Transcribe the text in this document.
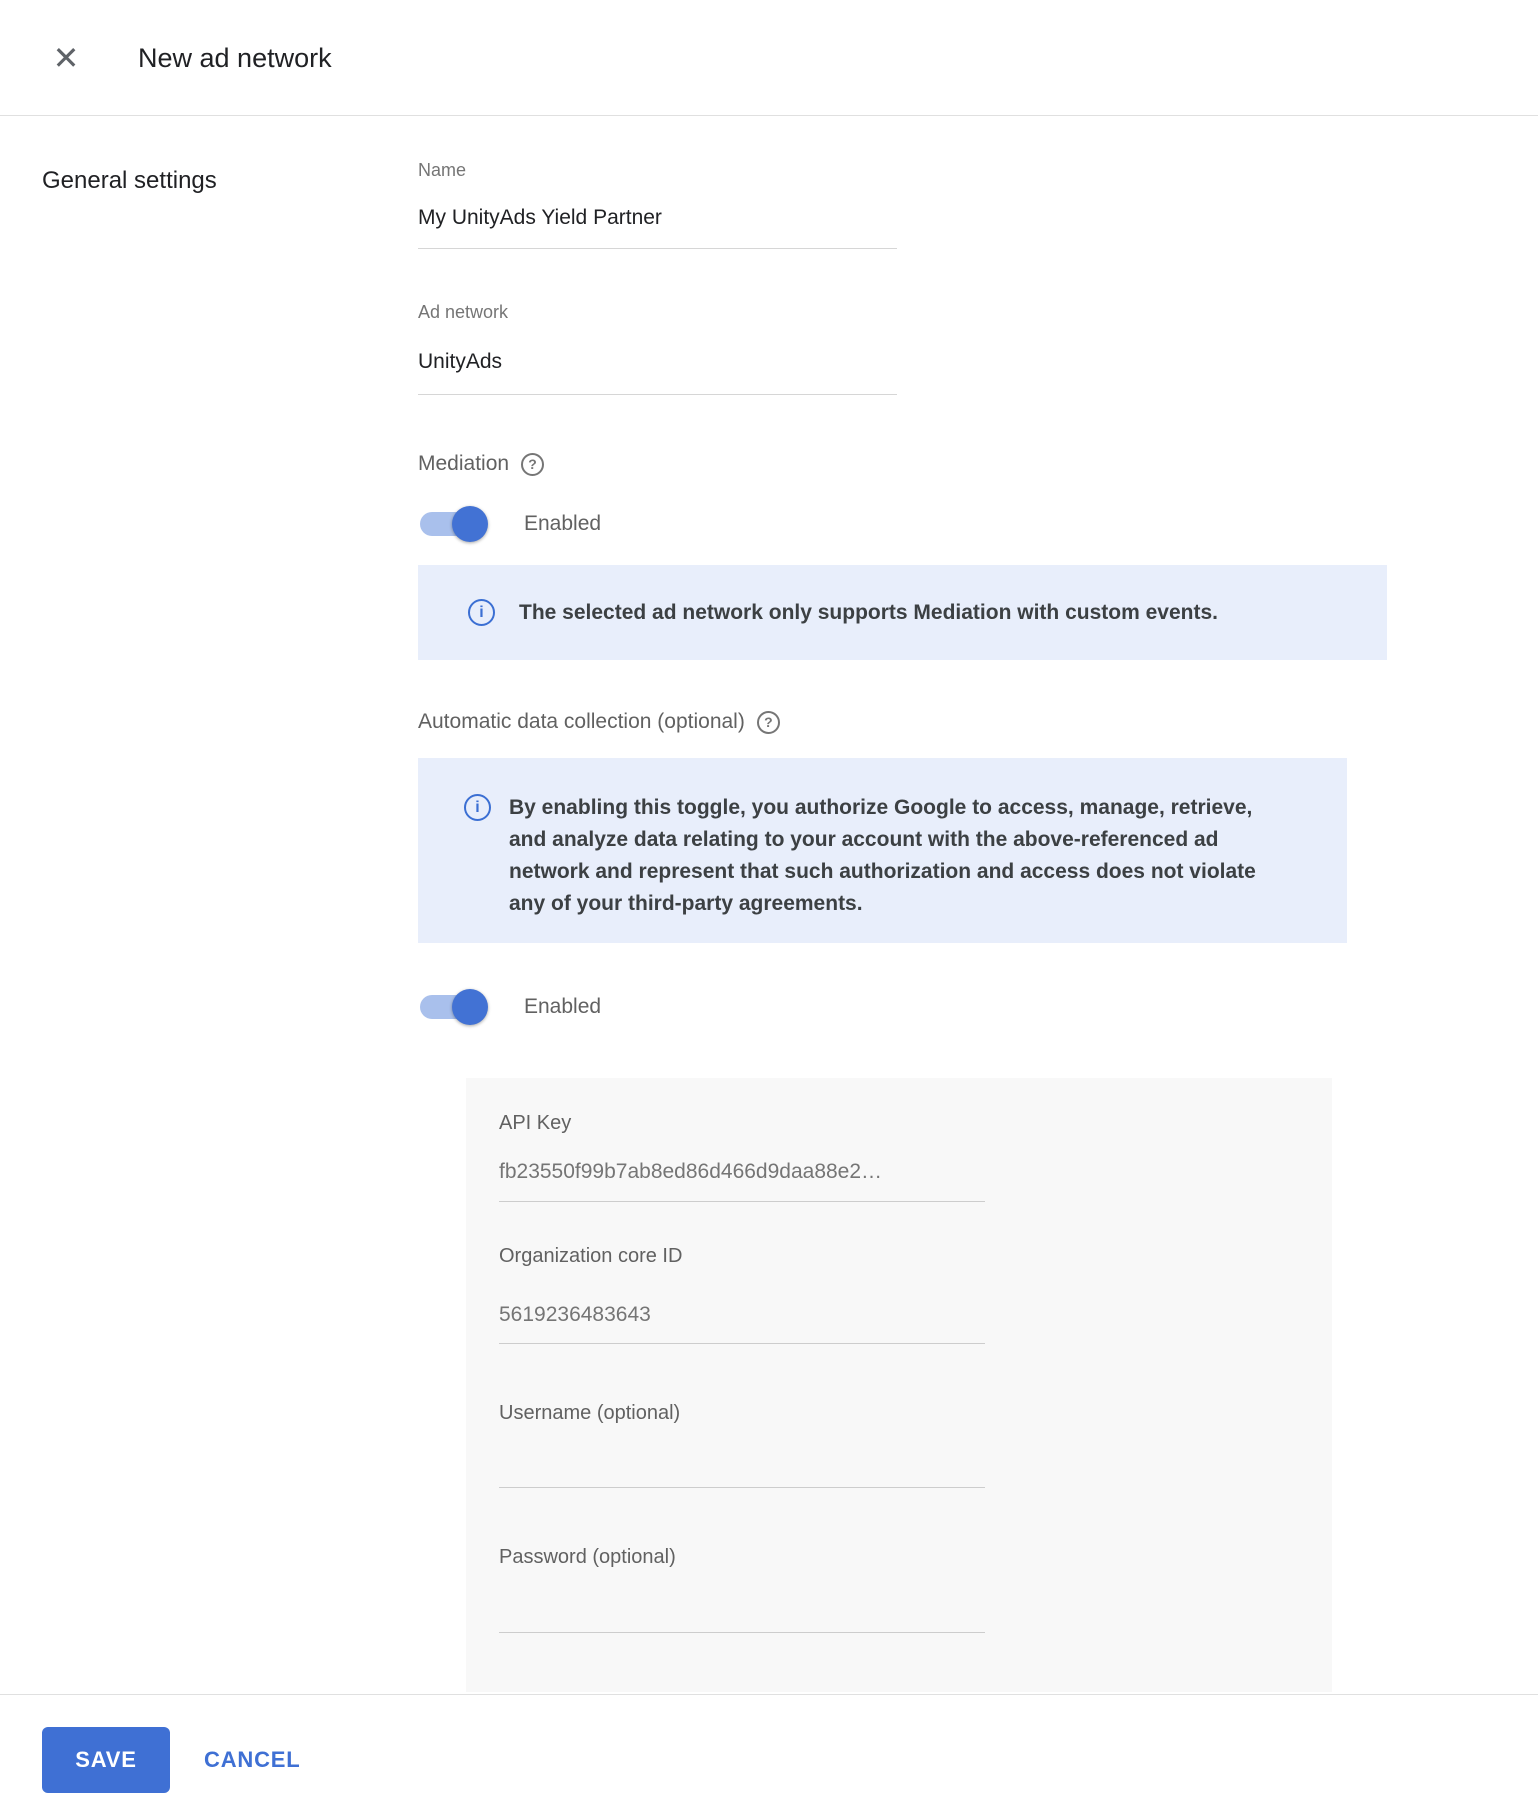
✕	New ad network
General settings	Name
My UnityAds Yield Partner
Ad network
UnityAds
Mediation	?
Enabled
i	The selected ad network only supports Mediation with custom events.
Automatic data collection (optional)	?
i	By enabling this toggle, you authorize Google to access, manage, retrieve, and analyze data relating to your account with the above-referenced ad network and represent that such authorization and access does not violate any of your third-party agreements.
Enabled
API Key
fb23550f99b7ab8ed86d466d9daa88e2…
Organization core ID
5619236483643
Username (optional)
Password (optional)
SAVE	CANCEL
